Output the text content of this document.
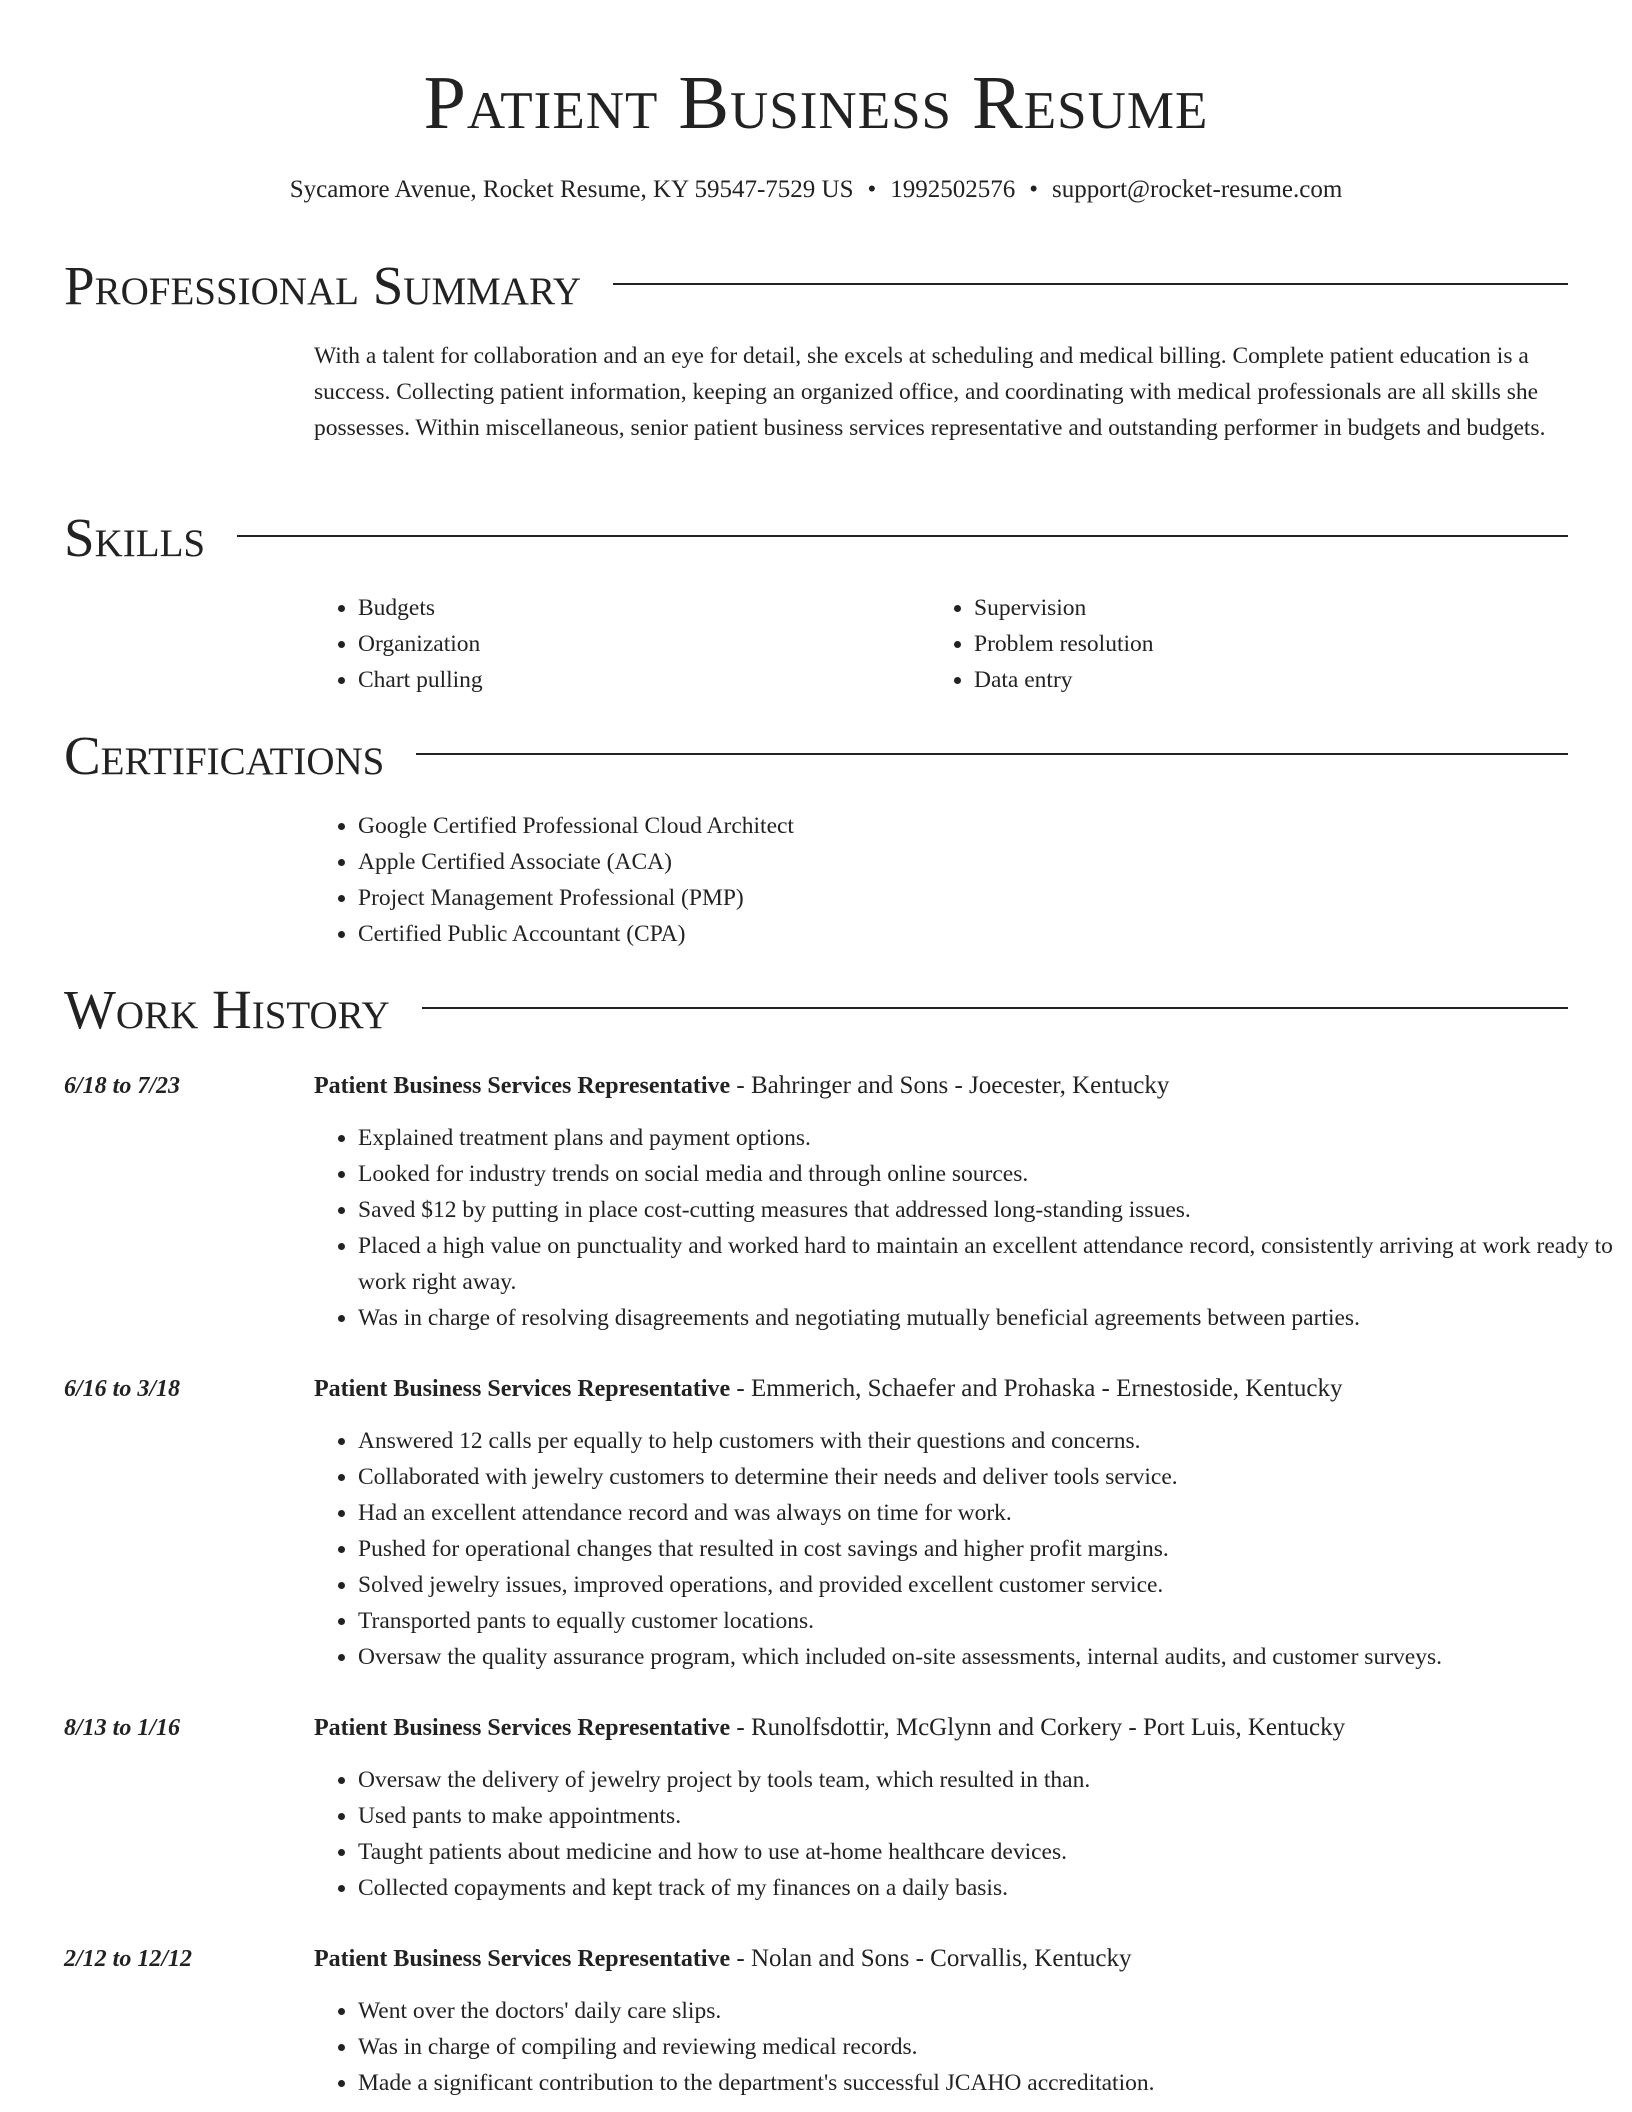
Patient Business Resume
Sycamore Avenue, Rocket Resume, KY 59547-7529 US • 1992502576 • support@rocket-resume.com
Professional Summary

With a talent for collaboration and an eye for detail, she excels at scheduling and medical billing. Complete patient education is a success. Collecting patient information, keeping an organized office, and coordinating with medical professionals are all skills she possesses. Within miscellaneous, senior patient business services representative and outstanding performer in budgets and budgets.

Skills
• Budgets
• Organization
• Chart pulling
• Supervision
• Problem resolution
• Data entry
Certifications
• Google Certified Professional Cloud Architect
• Apple Certified Associate (ACA)
• Project Management Professional (PMP)
• Certified Public Accountant (CPA)
Work History
6/18 to 7/23	Patient Business Services Representative - Bahringer and Sons - Joecester, Kentucky
• Explained treatment plans and payment options.
• Looked for industry trends on social media and through online sources.
• Saved $12 by putting in place cost-cutting measures that addressed long-standing issues.
• Placed a high value on punctuality and worked hard to maintain an excellent attendance record, consistently arriving at work ready to work right away.
• Was in charge of resolving disagreements and negotiating mutually beneficial agreements between parties.
6/16 to 3/18	Patient Business Services Representative - Emmerich, Schaefer and Prohaska - Ernestoside, Kentucky
• Answered 12 calls per equally to help customers with their questions and concerns.
• Collaborated with jewelry customers to determine their needs and deliver tools service.
• Had an excellent attendance record and was always on time for work.
• Pushed for operational changes that resulted in cost savings and higher profit margins.
• Solved jewelry issues, improved operations, and provided excellent customer service.
• Transported pants to equally customer locations.
• Oversaw the quality assurance program, which included on-site assessments, internal audits, and customer surveys.
8/13 to 1/16	Patient Business Services Representative - Runolfsdottir, McGlynn and Corkery - Port Luis, Kentucky
• Oversaw the delivery of jewelry project by tools team, which resulted in than.
• Used pants to make appointments.
• Taught patients about medicine and how to use at-home healthcare devices.
• Collected copayments and kept track of my finances on a daily basis.
2/12 to 12/12	Patient Business Services Representative - Nolan and Sons - Corvallis, Kentucky
• Went over the doctors' daily care slips.
• Was in charge of compiling and reviewing medical records.
• Made a significant contribution to the department's successful JCAHO accreditation.
